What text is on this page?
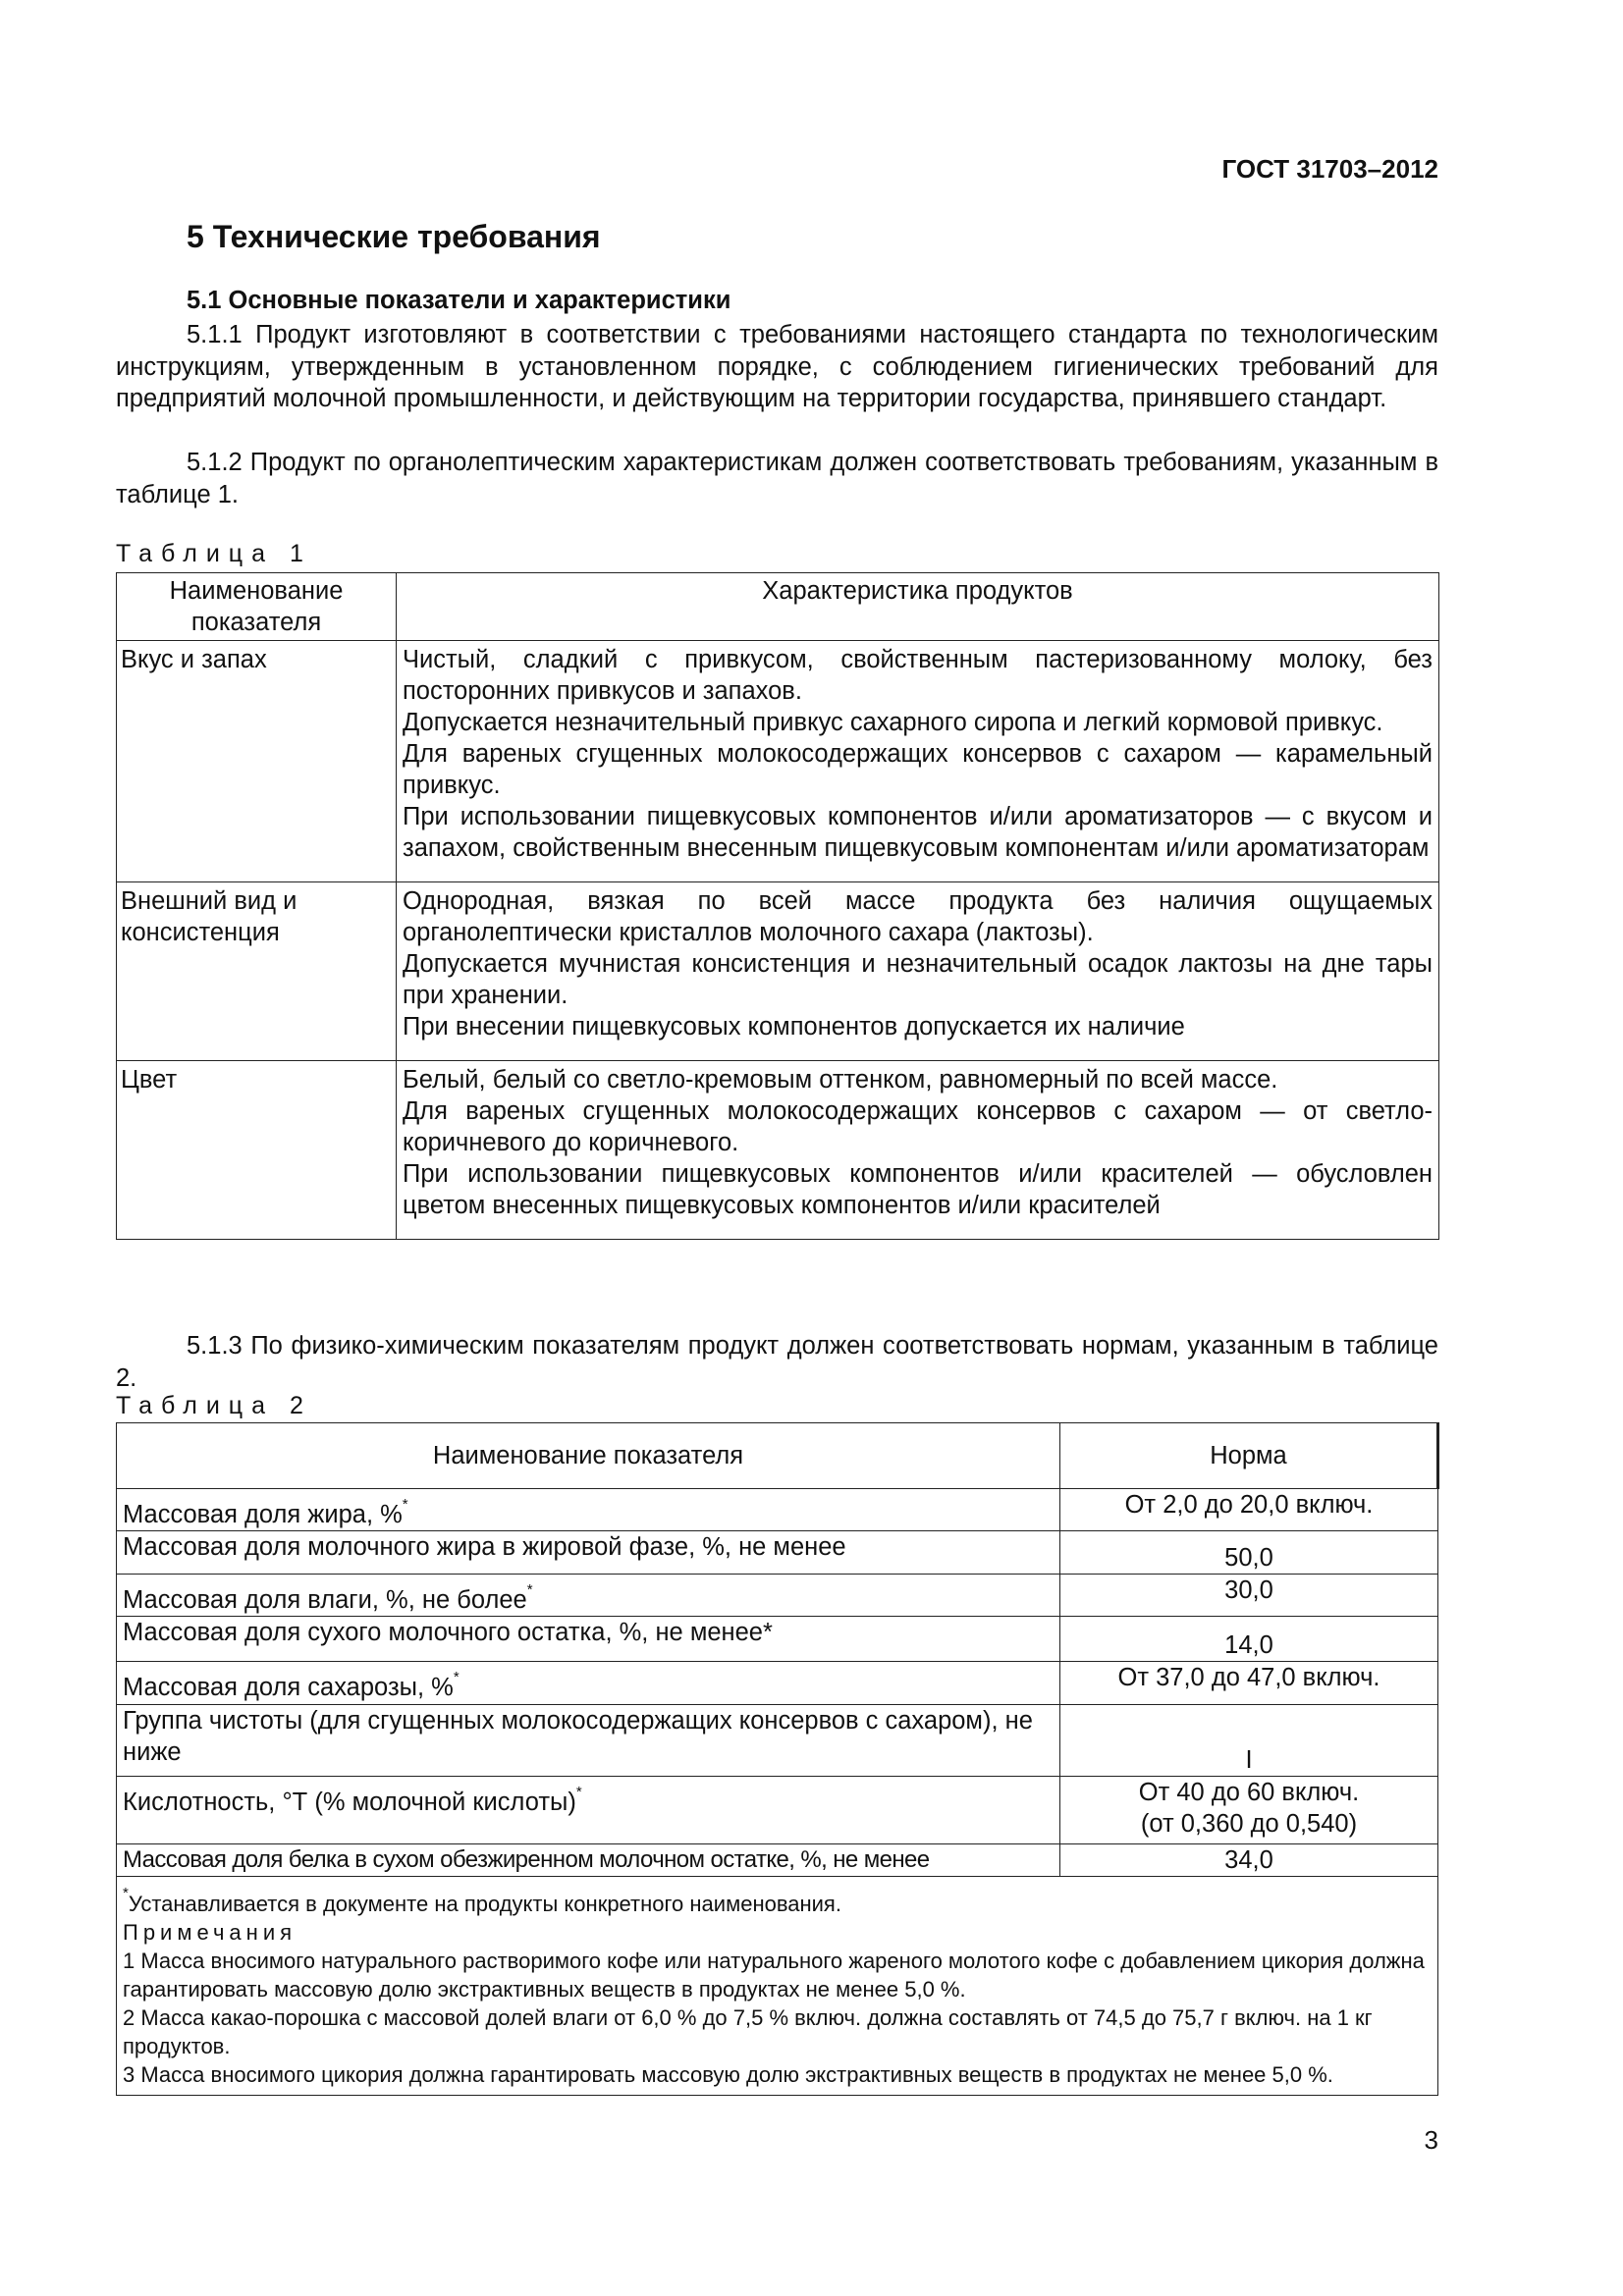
ГОСТ 31703–2012
5 Технические требования
5.1 Основные показатели и характеристики
5.1.1 Продукт изготовляют в соответствии с требованиями настоящего стандарта по технологическим инструкциям, утвержденным в установленном порядке, с соблюдением гигиенических требований для предприятий молочной промышленности, и действующим на территории государства, принявшего стандарт.
5.1.2 Продукт по органолептическим характеристикам должен соответствовать требованиям, указанным в таблице 1.
Таблица 1
Наименование показателя	Характеристика продуктов
Вкус и запах	Чистый, сладкий с привкусом, свойственным пастеризованному молоку, без посторонних привкусов и запахов.
Допускается незначительный привкус сахарного сиропа и легкий кормовой привкус.
Для вареных сгущенных молокосодержащих консервов с сахаром — карамельный привкус.
При использовании пищевкусовых компонентов и/или ароматизаторов — с вкусом и запахом, свойственным внесенным пищевкусовым компонентам и/или ароматизаторам

Внешний вид и консистенция	Однородная, вязкая по всей массе продукта без наличия ощущаемых органолептически кристаллов молочного сахара (лактозы).
Допускается мучнистая консистенция и незначительный осадок лактозы на дне тары при хранении.
При внесении пищевкусовых компонентов допускается их наличие

Цвет	Белый, белый со светло-кремовым оттенком, равномерный по всей массе.
Для вареных сгущенных молокосодержащих консервов с сахаром — от светло-коричневого до коричневого.
При использовании пищевкусовых компонентов и/или красителей — обусловлен цветом внесенных пищевкусовых компонентов и/или красителей
5.1.3 По физико-химическим показателям продукт должен соответствовать нормам, указанным в таблице 2.
Таблица 2
Наименование показателя	Норма
Массовая доля жира, %*	От 2,0 до 20,0 включ.
Массовая доля молочного жира в жировой фазе, %, не менее	50,0
Массовая доля влаги, %, не более*	30,0
Массовая доля сухого молочного остатка, %, не менее*	14,0
Массовая доля сахарозы, %*	От 37,0 до 47,0 включ.
Группа чистоты (для сгущенных молокосодержащих консервов с сахаром), не ниже	I
Кислотность, °Т (% молочной кислоты)*	От 40 до 60 включ.
(от 0,360 до 0,540)

Массовая доля белка в сухом обезжиренном молочном остатке, %, не менее	34,0

*Устанавливается в документе на продукты конкретного наименования.
Примечания
1 Масса вносимого натурального растворимого кофе или натурального жареного молотого кофе с добавлением цикория должна гарантировать массовую долю экстрактивных веществ в продуктах не менее 5,0 %.
2 Масса какао-порошка с массовой долей влаги от 6,0 % до 7,5 % включ. должна составлять от 74,5 до 75,7 г включ. на 1 кг продуктов.
3 Масса вносимого цикория должна гарантировать массовую долю экстрактивных веществ в продуктах не менее 5,0 %.	
3
